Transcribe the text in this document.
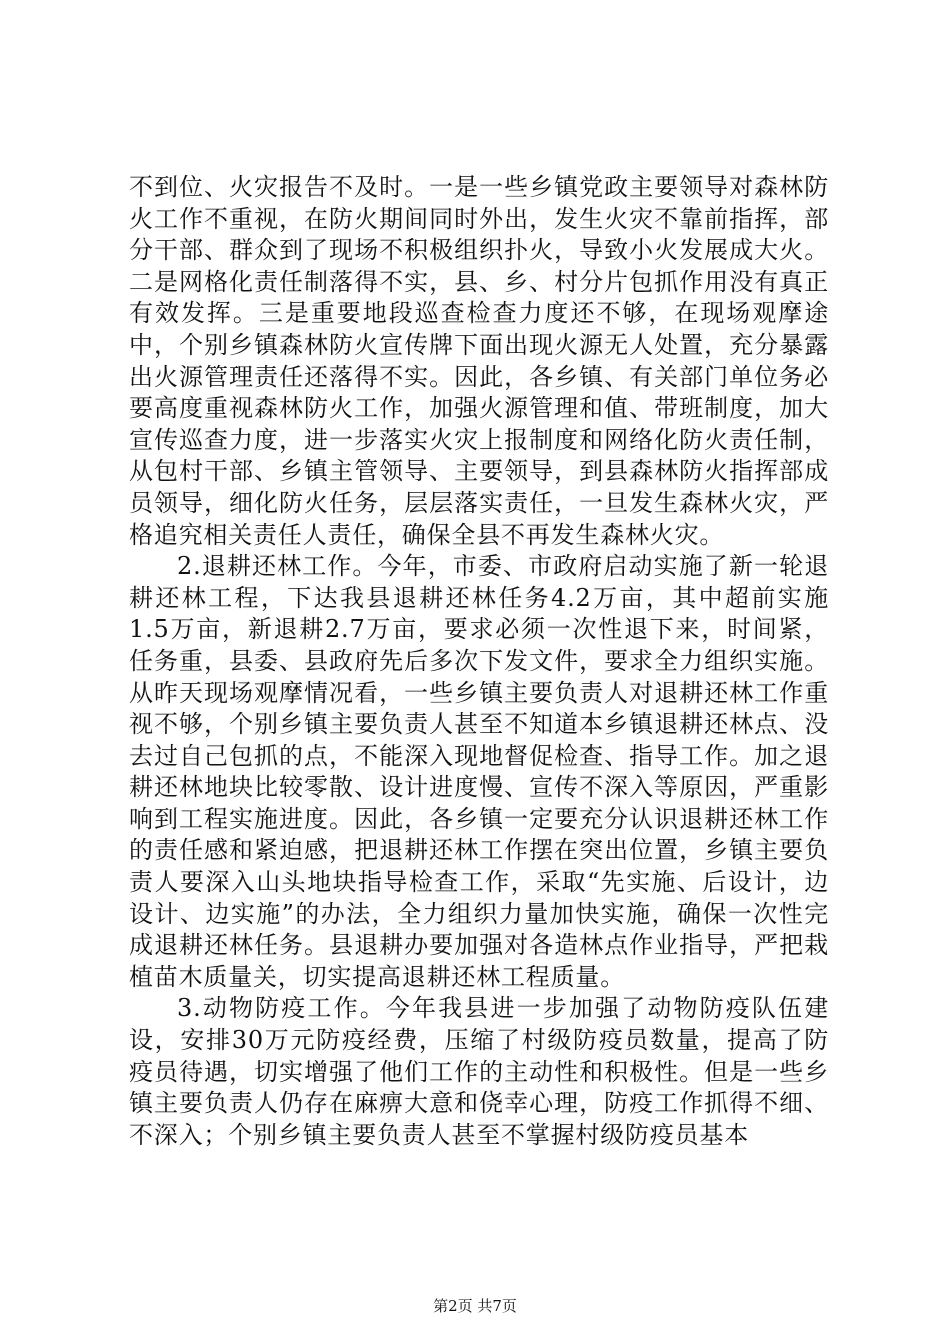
不到位、火灾报告不及时。一是一些乡镇党政主要领导对森林防火工作不重视，在防火期间同时外出，发生火灾不靠前指挥，部分干部、群众到了现场不积极组织扑火，导致小火发展成大火。二是网格化责任制落得不实，县、乡、村分片包抓作用没有真正有效发挥。三是重要地段巡查检查力度还不够，在现场观摩途中，个别乡镇森林防火宣传牌下面出现火源无人处置，充分暴露出火源管理责任还落得不实。因此，各乡镇、有关部门单位务必要高度重视森林防火工作，加强火源管理和值、带班制度，加大宣传巡查力度，进一步落实火灾上报制度和网络化防火责任制，从包村干部、乡镇主管领导、主要领导，到县森林防火指挥部成员领导，细化防火任务，层层落实责任，一旦发生森林火灾，严格追究相关责任人责任，确保全县不再发生森林火灾。

2.退耕还林工作。今年，市委、市政府启动实施了新一轮退耕还林工程，下达我县退耕还林任务4.2万亩，其中超前实施1.5万亩，新退耕2.7万亩，要求必须一次性退下来，时间紧，任务重，县委、县政府先后多次下发文件，要求全力组织实施。从昨天现场观摩情况看，一些乡镇主要负责人对退耕还林工作重视不够，个别乡镇主要负责人甚至不知道本乡镇退耕还林点、没去过自己包抓的点，不能深入现地督促检查、指导工作。加之退耕还林地块比较零散、设计进度慢、宣传不深入等原因，严重影响到工程实施进度。因此，各乡镇一定要充分认识退耕还林工作的责任感和紧迫感，把退耕还林工作摆在突出位置，乡镇主要负责人要深入山头地块指导检查工作，采取“先实施、后设计，边设计、边实施”的办法，全力组织力量加快实施，确保一次性完成退耕还林任务。县退耕办要加强对各造林点作业指导，严把栽植苗木质量关，切实提高退耕还林工程质量。

3.动物防疫工作。今年我县进一步加强了动物防疫队伍建设，安排30万元防疫经费，压缩了村级防疫员数量，提高了防疫员待遇，切实增强了他们工作的主动性和积极性。但是一些乡镇主要负责人仍存在麻痹大意和侥幸心理，防疫工作抓得不细、不深入；个别乡镇主要负责人甚至不掌握村级防疫员基本

第2页 共7页
